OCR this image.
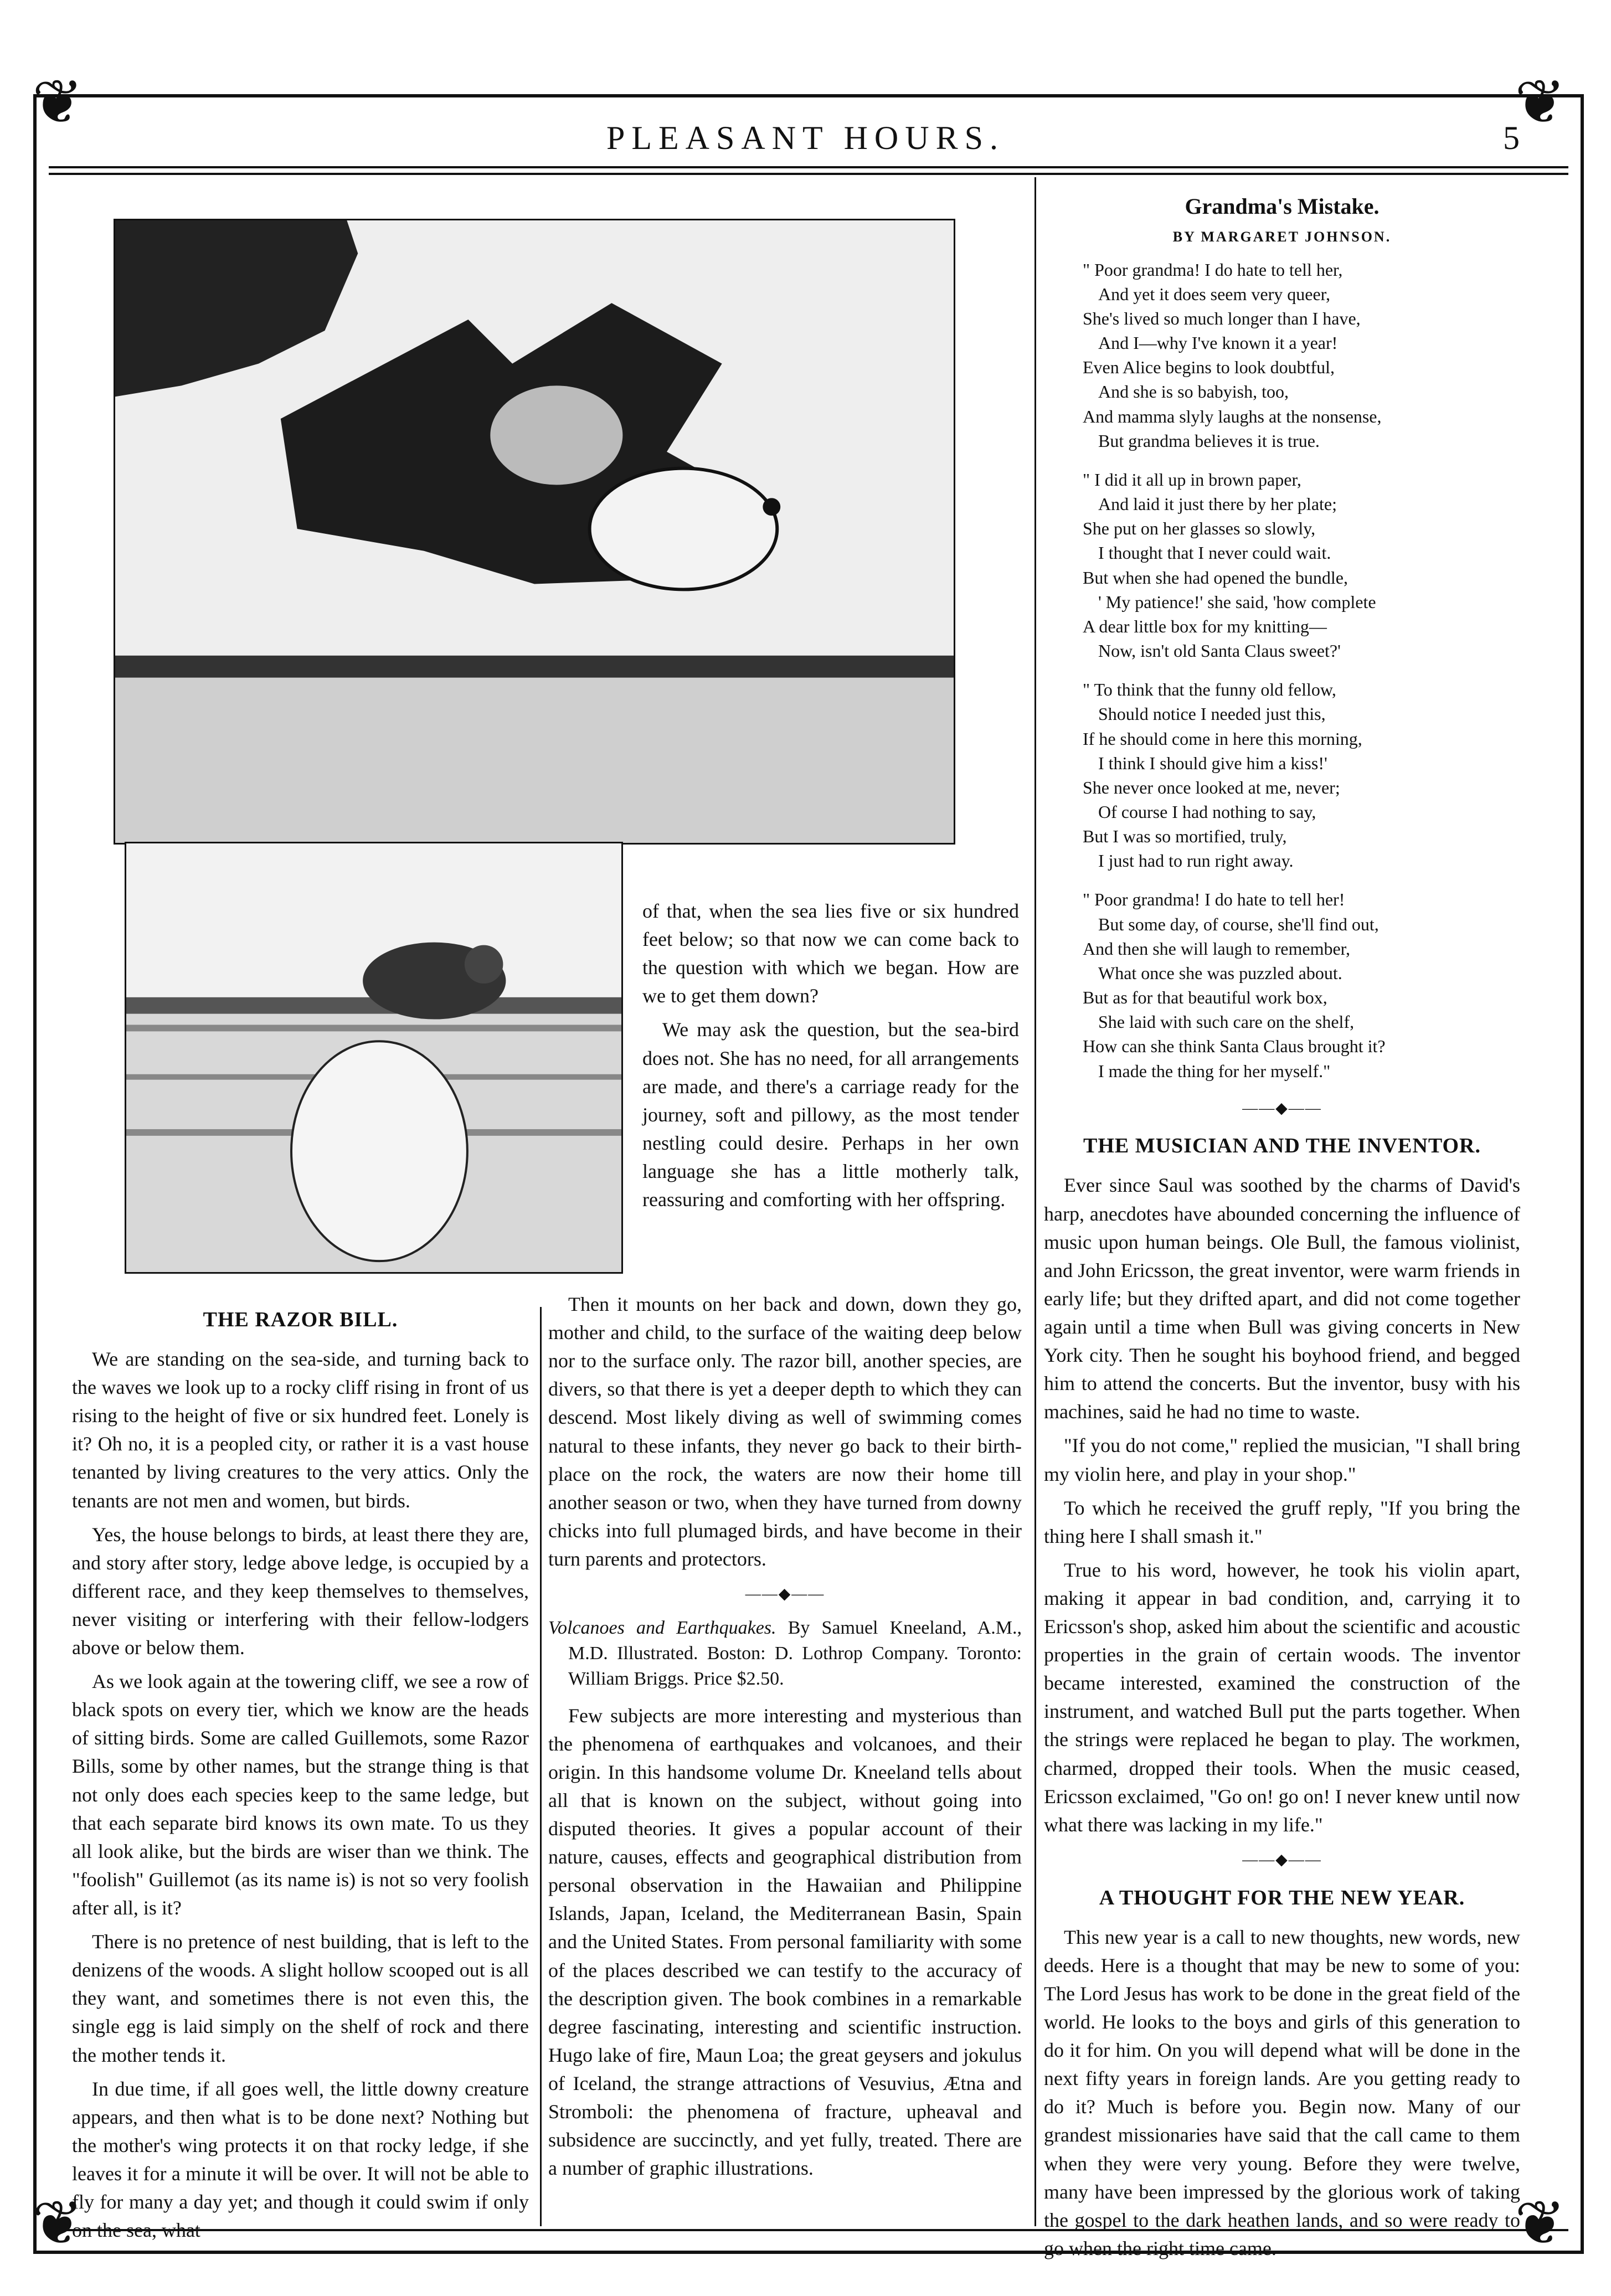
❦	❦
❦
❦
PLEASANT HOURS.	5
THE RAZOR BILL.

We are standing on the sea-side, and turning back to the waves we look up to a rocky cliff rising in front of us rising to the height of five or six hundred feet. Lonely is it? Oh no, it is a peopled city, or rather it is a vast house tenanted by living creatures to the very attics. Only the tenants are not men and women, but birds.

Yes, the house belongs to birds, at least there they are, and story after story, ledge above ledge, is occupied by a different race, and they keep themselves to themselves, never visiting or interfering with their fellow-lodgers above or below them.

As we look again at the towering cliff, we see a row of black spots on every tier, which we know are the heads of sitting birds. Some are called Guillemots, some Razor Bills, some by other names, but the strange thing is that not only does each species keep to the same ledge, but that each separate bird knows its own mate. To us they all look alike, but the birds are wiser than we think. The "foolish" Guillemot (as its name is) is not so very foolish after all, is it?

There is no pretence of nest building, that is left to the denizens of the woods. A slight hollow scooped out is all they want, and sometimes there is not even this, the single egg is laid simply on the shelf of rock and there the mother tends it.

In due time, if all goes well, the little downy creature appears, and then what is to be done next? Nothing but the mother's wing protects it on that rocky ledge, if she leaves it for a minute it will be over. It will not be able to fly for many a day yet; and though it could swim if only on the sea, what

of that, when the sea lies five or six hundred feet below; so that now we can come back to the question with which we began. How are we to get them down?

We may ask the question, but the sea-bird does not. She has no need, for all arrangements are made, and there's a carriage ready for the journey, soft and pillowy, as the most tender nestling could desire. Perhaps in her own language she has a little motherly talk, reassuring and comforting with her offspring.

Then it mounts on her back and down, down they go, mother and child, to the surface of the waiting deep below nor to the surface only. The razor bill, another species, are divers, so that there is yet a deeper depth to which they can descend. Most likely diving as well of swimming comes natural to these infants, they never go back to their birth-place on the rock, the waters are now their home till another season or two, when they have turned from downy chicks into full plumaged birds, and have become in their turn parents and protectors.

——◆——
Volcanoes and Earthquakes. By Samuel Kneeland, A.M., M.D. Illustrated. Boston: D. Lothrop Company. Toronto: William Briggs. Price $2.50.

Few subjects are more interesting and mysterious than the phenomena of earthquakes and volcanoes, and their origin. In this handsome volume Dr. Kneeland tells about all that is known on the subject, without going into disputed theories. It gives a popular account of their nature, causes, effects and geographical distribution from personal observation in the Hawaiian and Philippine Islands, Japan, Iceland, the Mediterranean Basin, Spain and the United States. From personal familiarity with some of the places described we can testify to the accuracy of the description given. The book combines in a remarkable degree fascinating, interesting and scientific instruction. Hugo lake of fire, Maun Loa; the great geysers and jokulus of Iceland, the strange attractions of Vesuvius, Ætna and Stromboli: the phenomena of fracture, upheaval and subsidence are succinctly, and yet fully, treated. There are a number of graphic illustrations.

Grandma's Mistake.
BY MARGARET JOHNSON.
" Poor grandma! I do hate to tell her,
And yet it does seem very queer,
She's lived so much longer than I have,
And I—why I've known it a year!
Even Alice begins to look doubtful,
And she is so babyish, too,
And mamma slyly laughs at the nonsense,
But grandma believes it is true.
" I did it all up in brown paper,
And laid it just there by her plate;
She put on her glasses so slowly,
I thought that I never could wait.
But when she had opened the bundle,
' My patience!' she said, 'how complete
A dear little box for my knitting—
Now, isn't old Santa Claus sweet?'
" To think that the funny old fellow,
Should notice I needed just this,
If he should come in here this morning,
I think I should give him a kiss!'
She never once looked at me, never;
Of course I had nothing to say,
But I was so mortified, truly,
I just had to run right away.
" Poor grandma! I do hate to tell her!
But some day, of course, she'll find out,
And then she will laugh to remember,
What once she was puzzled about.
But as for that beautiful work box,
She laid with such care on the shelf,
How can she think Santa Claus brought it?
I made the thing for her myself."
——◆——
THE MUSICIAN AND THE INVENTOR.

Ever since Saul was soothed by the charms of David's harp, anecdotes have abounded concerning the influence of music upon human beings. Ole Bull, the famous violinist, and John Ericsson, the great inventor, were warm friends in early life; but they drifted apart, and did not come together again until a time when Bull was giving concerts in New York city. Then he sought his boyhood friend, and begged him to attend the concerts. But the inventor, busy with his machines, said he had no time to waste.

"If you do not come," replied the musician, "I shall bring my violin here, and play in your shop."

To which he received the gruff reply, "If you bring the thing here I shall smash it."

True to his word, however, he took his violin apart, making it appear in bad condition, and, carrying it to Ericsson's shop, asked him about the scientific and acoustic properties in the grain of certain woods. The inventor became interested, examined the construction of the instrument, and watched Bull put the parts together. When the strings were replaced he began to play. The workmen, charmed, dropped their tools. When the music ceased, Ericsson exclaimed, "Go on! go on! I never knew until now what there was lacking in my life."

——◆——
A THOUGHT FOR THE NEW YEAR.

This new year is a call to new thoughts, new words, new deeds. Here is a thought that may be new to some of you: The Lord Jesus has work to be done in the great field of the world. He looks to the boys and girls of this generation to do it for him. On you will depend what will be done in the next fifty years in foreign lands. Are you getting ready to do it? Much is before you. Begin now. Many of our grandest missionaries have said that the call came to them when they were very young. Before they were twelve, many have been impressed by the glorious work of taking the gospel to the dark heathen lands, and so were ready to go when the right time came.
